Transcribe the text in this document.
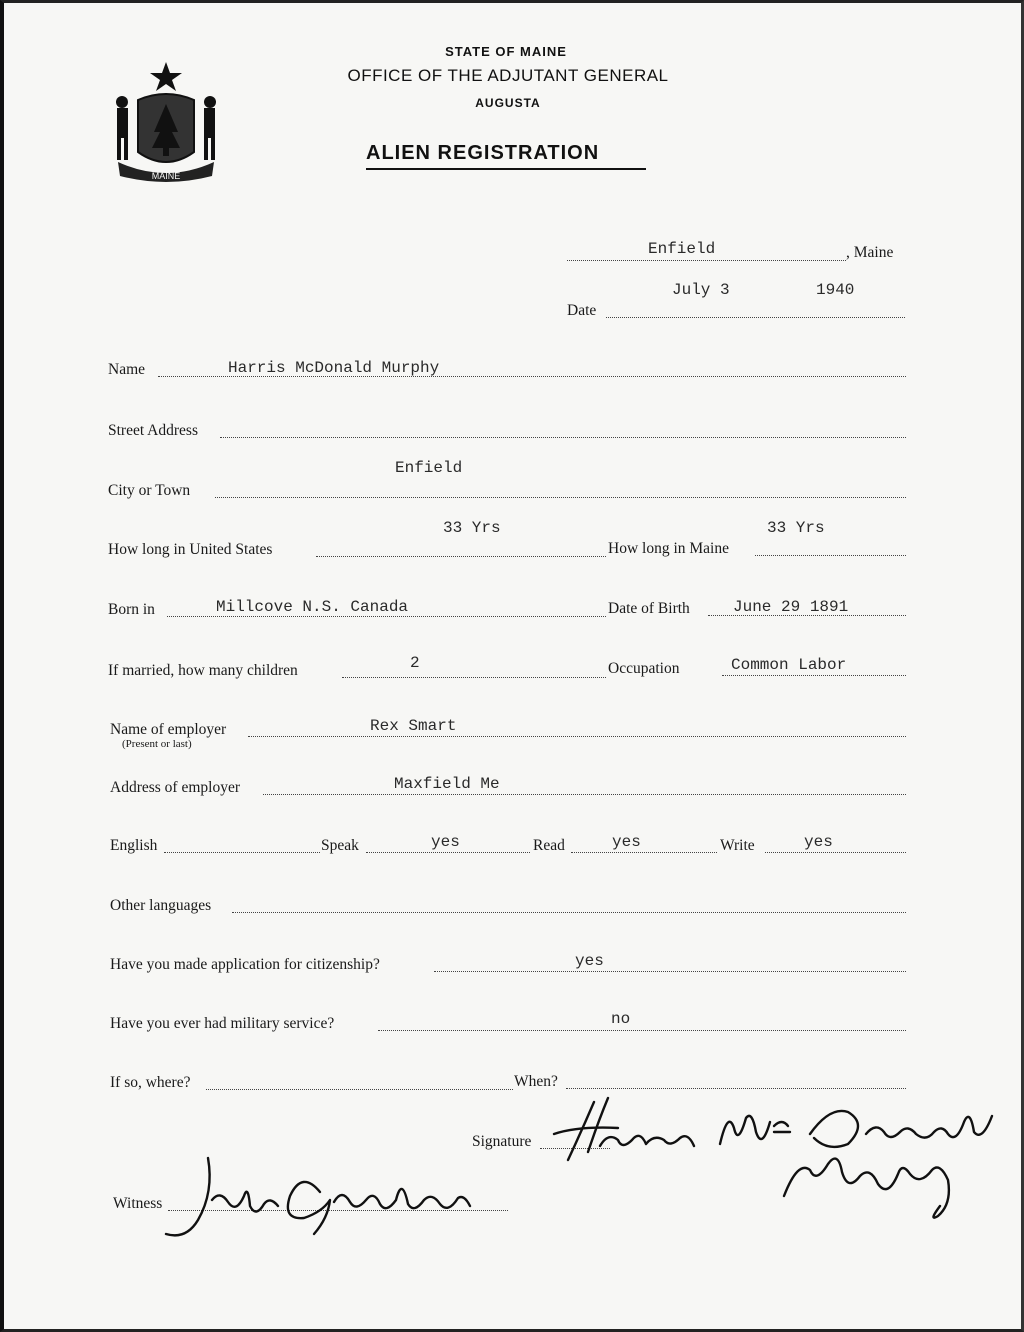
MAINE
STATE OF MAINE
OFFICE OF THE ADJUTANT GENERAL
AUGUSTA
ALIEN REGISTRATION
Enfield	, Maine
July 3	1940
Date
Name	Harris McDonald Murphy
Street Address
Enfield
City or Town
33 Yrs	33 Yrs
How long in United States	How long in Maine
Born in	Millcove N.S. Canada	Date of Birth	June 29 1891
If married, how many children	2	Occupation	Common Labor
Name of employer	Rex Smart
(Present or last)
Address of employer	Maxfield Me
English	Speak	yes	Read	yes	Write	yes
Other languages
Have you made application for citizenship?	yes
Have you ever had military service?	no
If so, where?	When?
Signature
Witness
